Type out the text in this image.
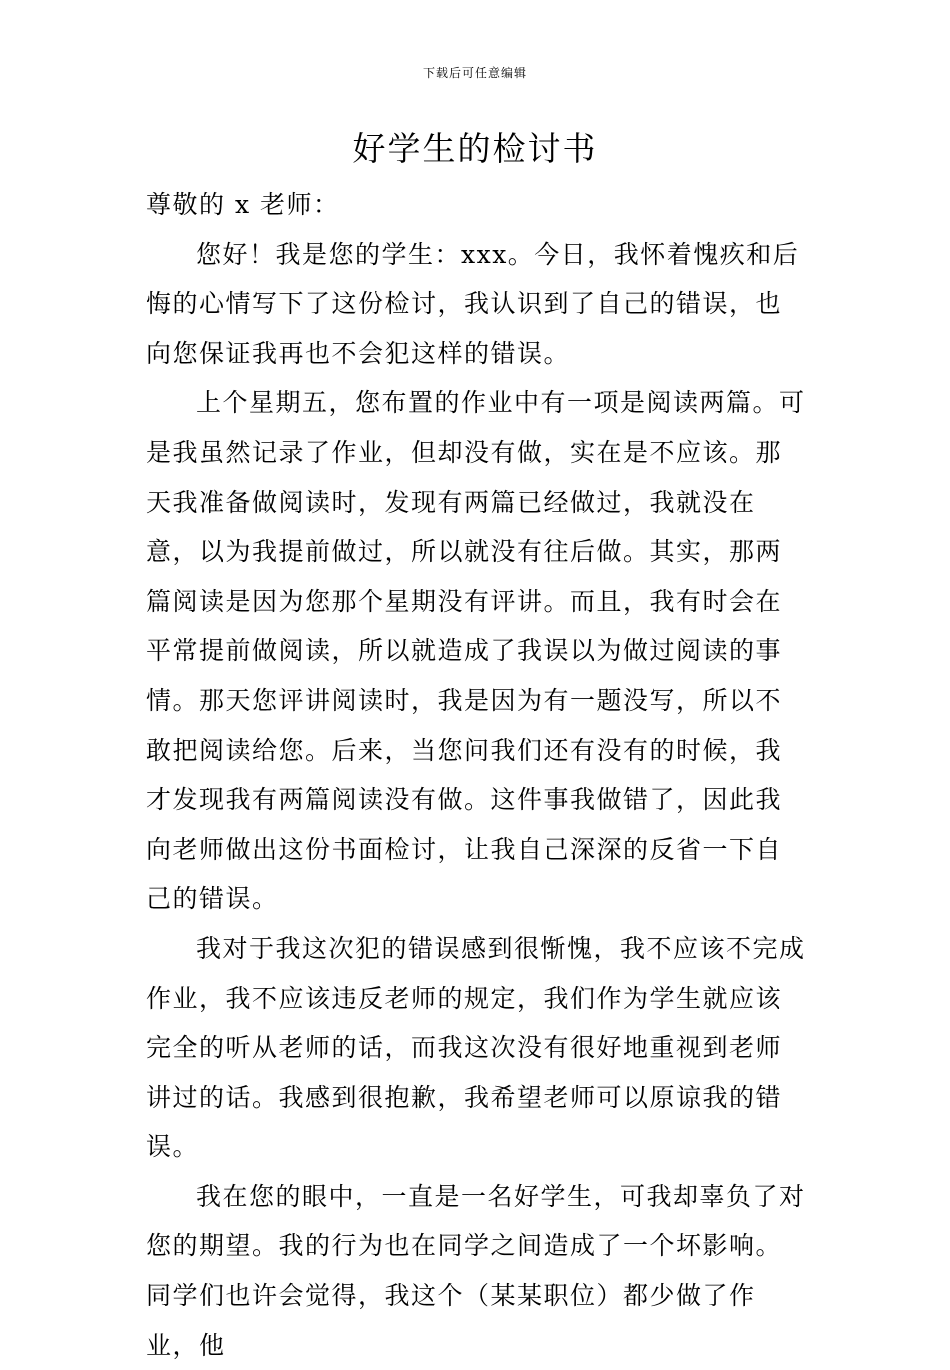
下载后可任意编辑
好学生的检讨书

尊敬的 x 老师：

您好！我是您的学生：xxx。今日，我怀着愧疚和后悔的心情写下了这份检讨，我认识到了自己的错误，也向您保证我再也不会犯这样的错误。

上个星期五，您布置的作业中有一项是阅读两篇。可是我虽然记录了作业，但却没有做，实在是不应该。那天我准备做阅读时，发现有两篇已经做过，我就没在意，以为我提前做过，所以就没有往后做。其实，那两篇阅读是因为您那个星期没有评讲。而且，我有时会在平常提前做阅读，所以就造成了我误以为做过阅读的事情。那天您评讲阅读时，我是因为有一题没写，所以不敢把阅读给您。后来，当您问我们还有没有的时候，我才发现我有两篇阅读没有做。这件事我做错了，因此我向老师做出这份书面检讨，让我自己深深的反省一下自己的错误。

我对于我这次犯的错误感到很惭愧，我不应该不完成作业，我不应该违反老师的规定，我们作为学生就应该完全的听从老师的话，而我这次没有很好地重视到老师讲过的话。我感到很抱歉，我希望老师可以原谅我的错误。

我在您的眼中，一直是一名好学生，可我却辜负了对您的期望。我的行为也在同学之间造成了一个坏影响。同学们也许会觉得，我这个（某某职位）都少做了作业，他
